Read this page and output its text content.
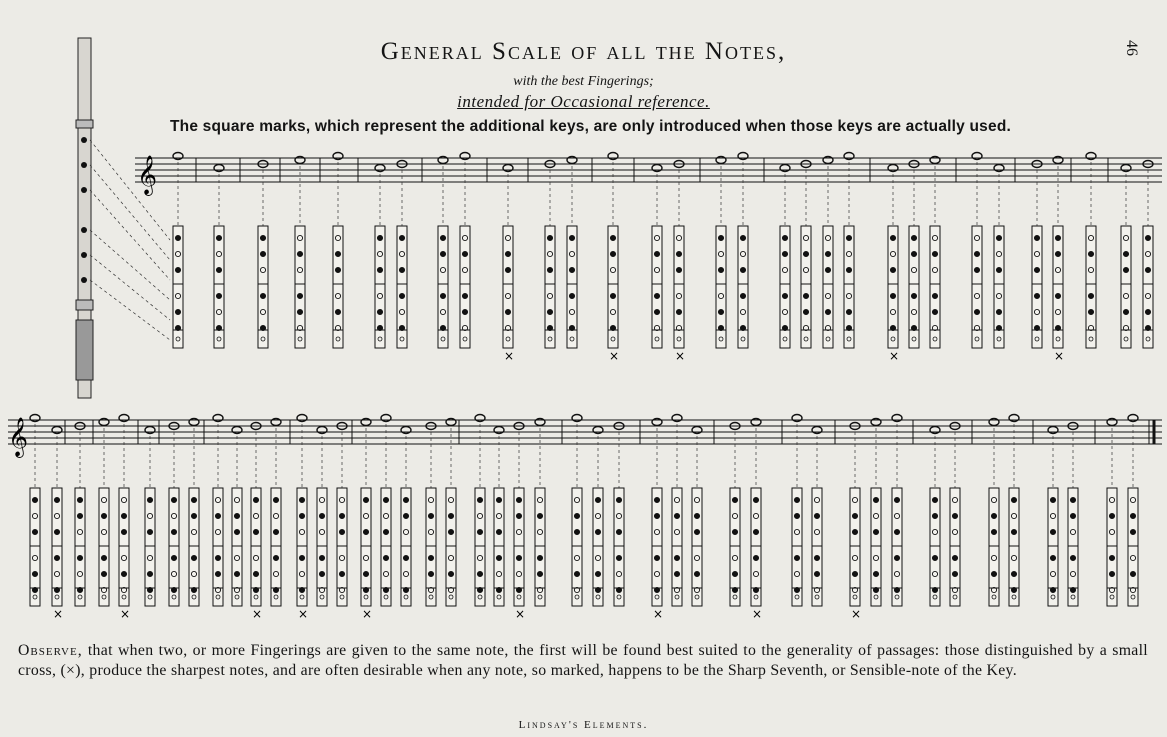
46
General Scale of all the Notes,
with the best Fingerings;
intended for Occasional reference.
The square marks, which represent the additional keys, are only introduced when those keys are actually used.
𝄞
𝄞
×	×	×	×	×
×	×	×	×	×	×	×	×	×
Observe, that when two, or more Fingerings are given to the same note, the first will be found best suited to the generality of passages: those distinguished by a small cross, (×), produce the sharpest notes, and are often desirable when any note, so marked, happens to be the Sharp Seventh, or Sensible-note of the Key.
Lindsay's Elements.
